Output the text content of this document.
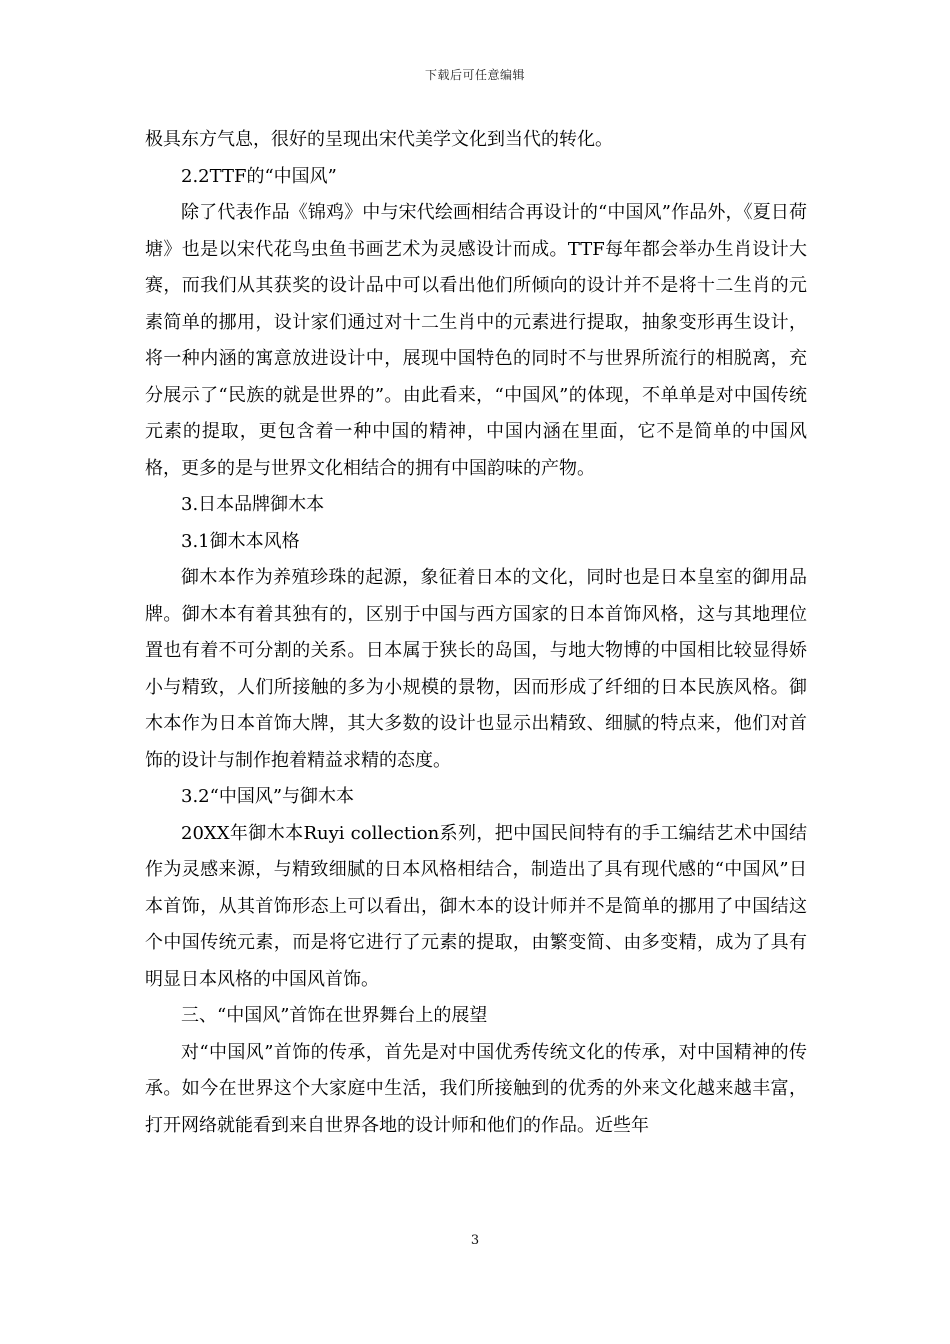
下载后可任意编辑

极具东方气息，很好的呈现出宋代美学文化到当代的转化。

2.2TTF的“中国风”

除了代表作品《锦鸡》中与宋代绘画相结合再设计的“中国风”作品外，《夏日荷塘》也是以宋代花鸟虫鱼书画艺术为灵感设计而成。TTF每年都会举办生肖设计大赛，而我们从其获奖的设计品中可以看出他们所倾向的设计并不是将十二生肖的元素简单的挪用，设计家们通过对十二生肖中的元素进行提取，抽象变形再生设计，将一种内涵的寓意放进设计中，展现中国特色的同时不与世界所流行的相脱离，充分展示了“民族的就是世界的”。由此看来，“中国风”的体现，不单单是对中国传统元素的提取，更包含着一种中国的精神，中国内涵在里面，它不是简单的中国风格，更多的是与世界文化相结合的拥有中国韵味的产物。

3.日本品牌御木本

3.1御木本风格

御木本作为养殖珍珠的起源，象征着日本的文化，同时也是日本皇室的御用品牌。御木本有着其独有的，区别于中国与西方国家的日本首饰风格，这与其地理位置也有着不可分割的关系。日本属于狭长的岛国，与地大物博的中国相比较显得娇小与精致，人们所接触的多为小规模的景物，因而形成了纤细的日本民族风格。御木本作为日本首饰大牌，其大多数的设计也显示出精致、细腻的特点来，他们对首饰的设计与制作抱着精益求精的态度。

3.2“中国风”与御木本

20XX年御木本Ruyi collection系列，把中国民间特有的手工编结艺术中国结作为灵感来源，与精致细腻的日本风格相结合，制造出了具有现代感的“中国风”日本首饰，从其首饰形态上可以看出，御木本的设计师并不是简单的挪用了中国结这个中国传统元素，而是将它进行了元素的提取，由繁变简、由多变精，成为了具有明显日本风格的中国风首饰。

三、“中国风”首饰在世界舞台上的展望

对“中国风”首饰的传承，首先是对中国优秀传统文化的传承，对中国精神的传承。如今在世界这个大家庭中生活，我们所接触到的优秀的外来文化越来越丰富，打开网络就能看到来自世界各地的设计师和他们的作品。近些年

3
